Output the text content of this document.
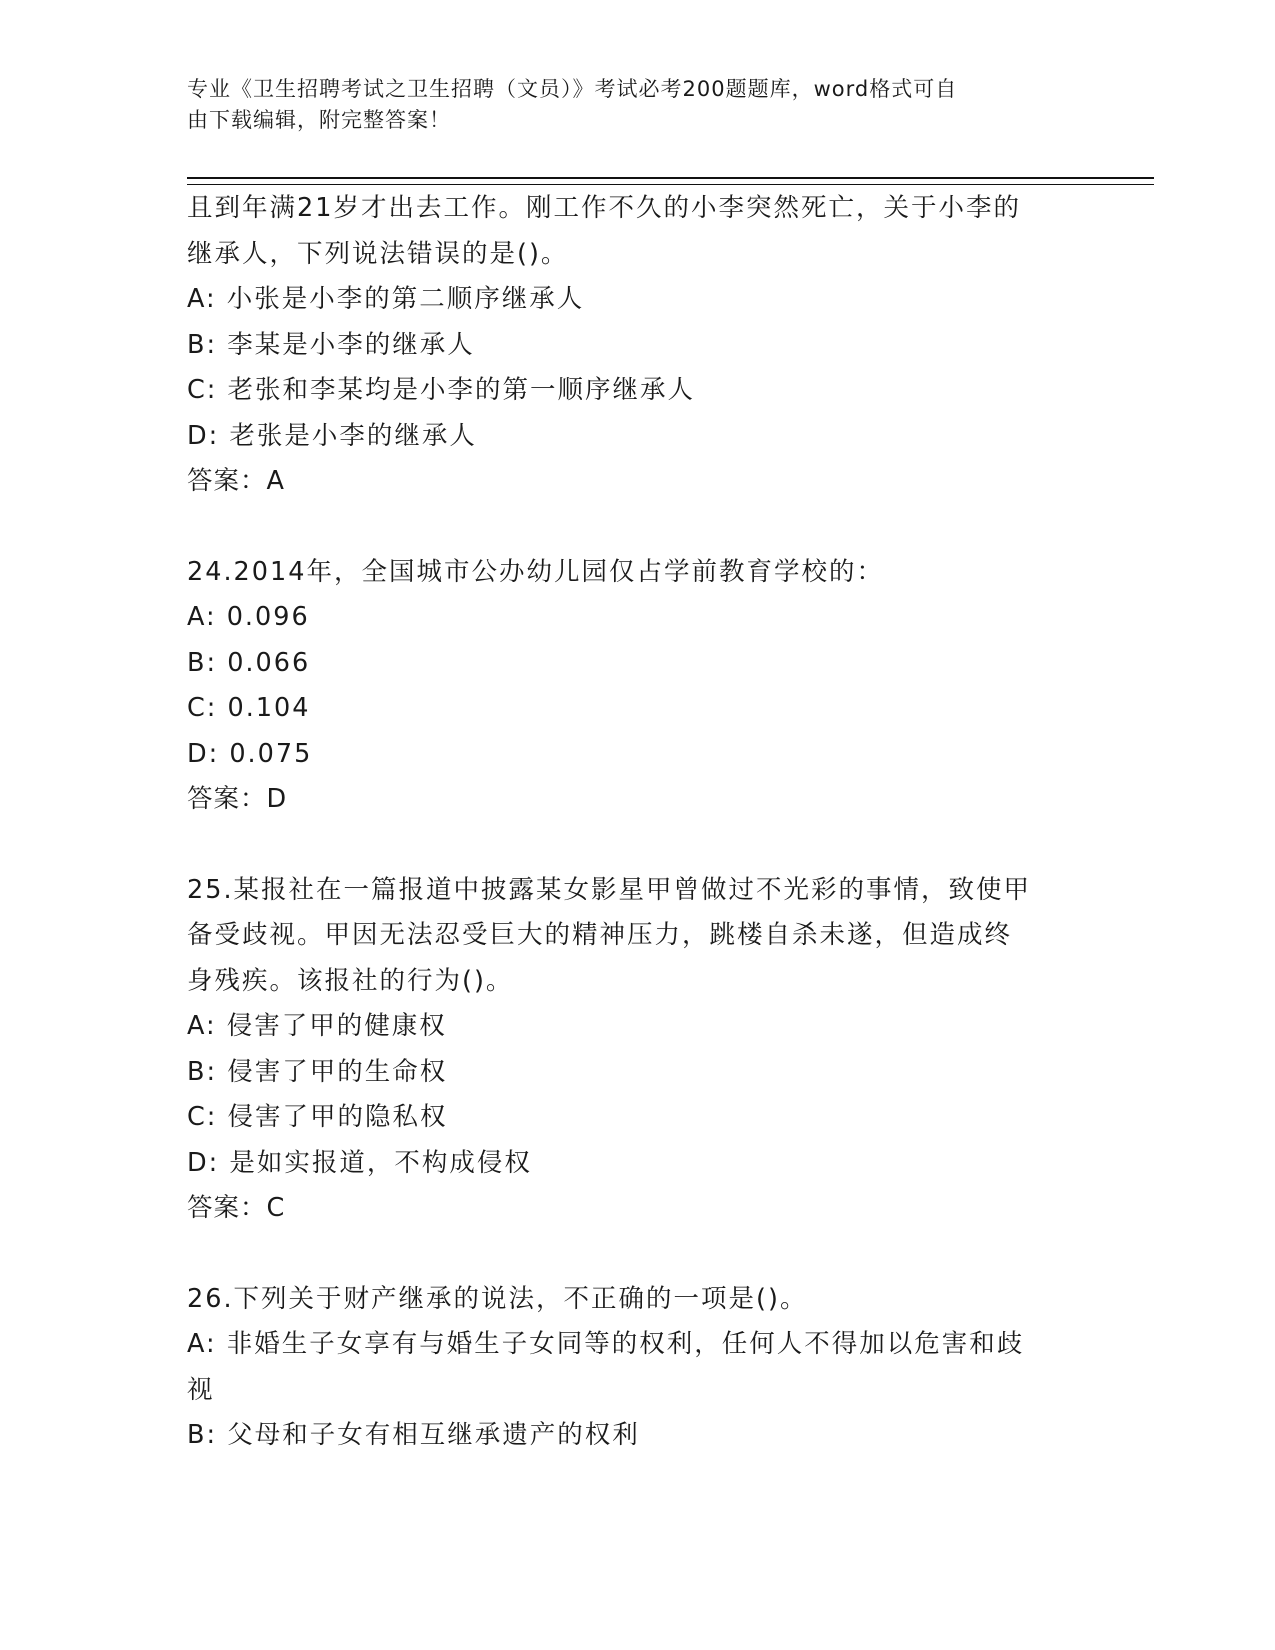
专业《卫生招聘考试之卫生招聘（文员）》考试必考200题题库，word格式可自
由下载编辑，附完整答案！
且到年满21岁才出去工作。刚工作不久的小李突然死亡，关于小李的
继承人，下列说法错误的是()。
A: 小张是小李的第二顺序继承人
B: 李某是小李的继承人
C: 老张和李某均是小李的第一顺序继承人
D: 老张是小李的继承人
答案：A
24.2014年，全国城市公办幼儿园仅占学前教育学校的：
A: 0.096
B: 0.066
C: 0.104
D: 0.075
答案：D
25.某报社在一篇报道中披露某女影星甲曾做过不光彩的事情，致使甲
备受歧视。甲因无法忍受巨大的精神压力，跳楼自杀未遂，但造成终
身残疾。该报社的行为()。
A: 侵害了甲的健康权
B: 侵害了甲的生命权
C: 侵害了甲的隐私权
D: 是如实报道，不构成侵权
答案：C
26.下列关于财产继承的说法，不正确的一项是()。
A: 非婚生子女享有与婚生子女同等的权利，任何人不得加以危害和歧
视
B: 父母和子女有相互继承遗产的权利
